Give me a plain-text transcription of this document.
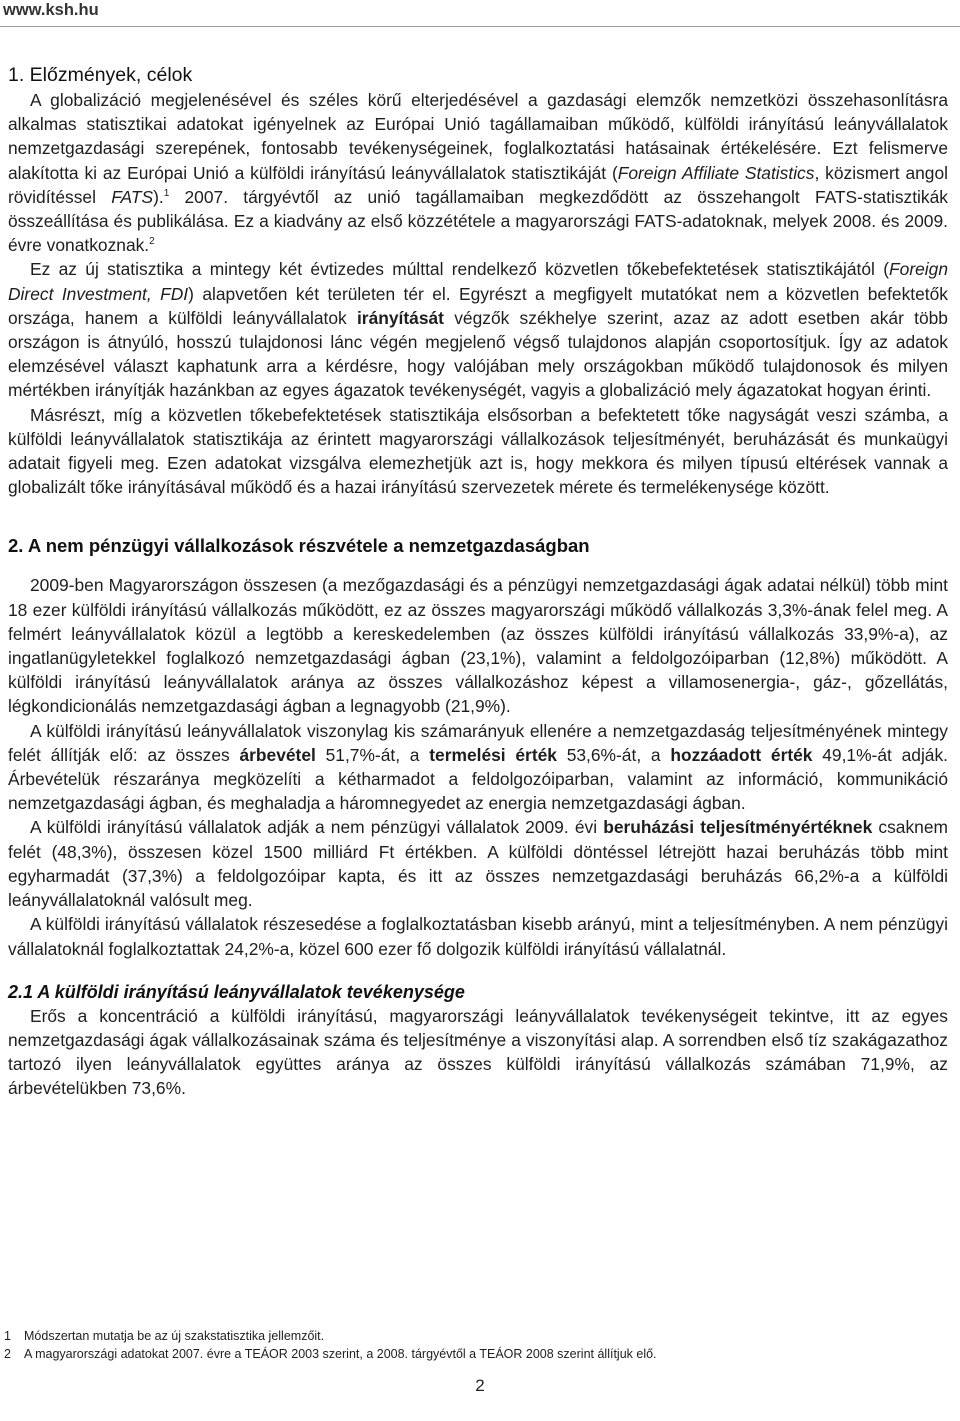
www.ksh.hu
1. Előzmények, célok

A globalizáció megjelenésével és széles körű elterjedésével a gazdasági elemzők nemzetközi összehasonlításra alkalmas statisztikai adatokat igényelnek az Európai Unió tagállamaiban működő, külföldi irányítású leányvállalatok nemzetgazdasági szerepének, fontosabb tevékenységeinek, foglalkoztatási hatásainak értékelésére. Ezt felismerve alakította ki az Európai Unió a külföldi irányítású leányvállalatok statisztikáját (Foreign Affiliate Statistics, közismert angol rövidítéssel FATS).$^1$ 2007. tárgyévtől az unió tagállamaiban megkezdődött az összehangolt FATS-statisztikák összeállítása és publikálása. Ez a kiadvány az első közzététele a magyarországi FATS-adatoknak, melyek 2008. és 2009. évre vonatkoznak.$^2$

Ez az új statisztika a mintegy két évtizedes múlttal rendelkező közvetlen tőkebefektetések statisztikájától (Foreign Direct Investment, FDI) alapvetően két területen tér el. Egyrészt a megfigyelt mutatókat nem a közvetlen befektetők országa, hanem a külföldi leányvállalatok irányítását végzők székhelye szerint, azaz az adott esetben akár több országon is átnyúló, hosszú tulajdonosi lánc végén megjelenő végső tulajdonos alapján csoportosítjuk. Így az adatok elemzésével választ kaphatunk arra a kérdésre, hogy valójában mely országokban működő tulajdonosok és milyen mértékben irányítják hazánkban az egyes ágazatok tevékenységét, vagyis a globalizáció mely ágazatokat hogyan érinti.

Másrészt, míg a közvetlen tőkebefektetések statisztikája elsősorban a befektetett tőke nagyságát veszi számba, a külföldi leányvállalatok statisztikája az érintett magyarországi vállalkozások teljesítményét, beruházását és munkaügyi adatait figyeli meg. Ezen adatokat vizsgálva elemezhetjük azt is, hogy mekkora és milyen típusú eltérések vannak a globalizált tőke irányításával működő és a hazai irányítású szervezetek mérete és termelékenysége között.

2. A nem pénzügyi vállalkozások részvétele a nemzetgazdaságban

2009-ben Magyarországon összesen (a mezőgazdasági és a pénzügyi nemzetgazdasági ágak adatai nélkül) több mint 18 ezer külföldi irányítású vállalkozás működött, ez az összes magyarországi működő vállalkozás 3,3%-ának felel meg. A felmért leányvállalatok közül a legtöbb a kereskedelemben (az összes külföldi irányítású vállalkozás 33,9%-a), az ingatlanügyletekkel foglalkozó nemzetgazdasági ágban (23,1%), valamint a feldolgozóiparban (12,8%) működött. A külföldi irányítású leányvállalatok aránya az összes vállalkozáshoz képest a villamosenergia-, gáz-, gőzellátás, légkondicionálás nemzetgazdasági ágban a legnagyobb (21,9%).

A külföldi irányítású leányvállalatok viszonylag kis számarányuk ellenére a nemzetgazdaság teljesítményének mintegy felét állítják elő: az összes árbevétel 51,7%-át, a termelési érték 53,6%-át, a hozzáadott érték 49,1%-át adják. Árbevételük részaránya megközelíti a kétharmadot a feldolgozóiparban, valamint az információ, kommunikáció nemzetgazdasági ágban, és meghaladja a háromnegyedet az energia nemzetgazdasági ágban.

A külföldi irányítású vállalatok adják a nem pénzügyi vállalatok 2009. évi beruházási teljesítményértéknek csaknem felét (48,3%), összesen közel 1500 milliárd Ft értékben. A külföldi döntéssel létrejött hazai beruházás több mint egyharmadát (37,3%) a feldolgozóipar kapta, és itt az összes nemzetgazdasági beruházás 66,2%-a a külföldi leányvállalatoknál valósult meg.

A külföldi irányítású vállalatok részesedése a foglalkoztatásban kisebb arányú, mint a teljesítményben. A nem pénzügyi vállalatoknál foglalkoztattak 24,2%-a, közel 600 ezer fő dolgozik külföldi irányítású vállalatnál.

2.1 A külföldi irányítású leányvállalatok tevékenysége

Erős a koncentráció a külföldi irányítású, magyarországi leányvállalatok tevékenységeit tekintve, itt az egyes nemzetgazdasági ágak vállalkozásainak száma és teljesítménye a viszonyítási alap. A sorrendben első tíz szakágazathoz tartozó ilyen leányvállalatok együttes aránya az összes külföldi irányítású vállalkozás számában 71,9%, az árbevételükben 73,6%.

1 Módszertan mutatja be az új szakstatisztika jellemzőit.
2 A magyarországi adatokat 2007. évre a TEÁOR 2003 szerint, a 2008. tárgyévtől a TEÁOR 2008 szerint állítjuk elő.
2
